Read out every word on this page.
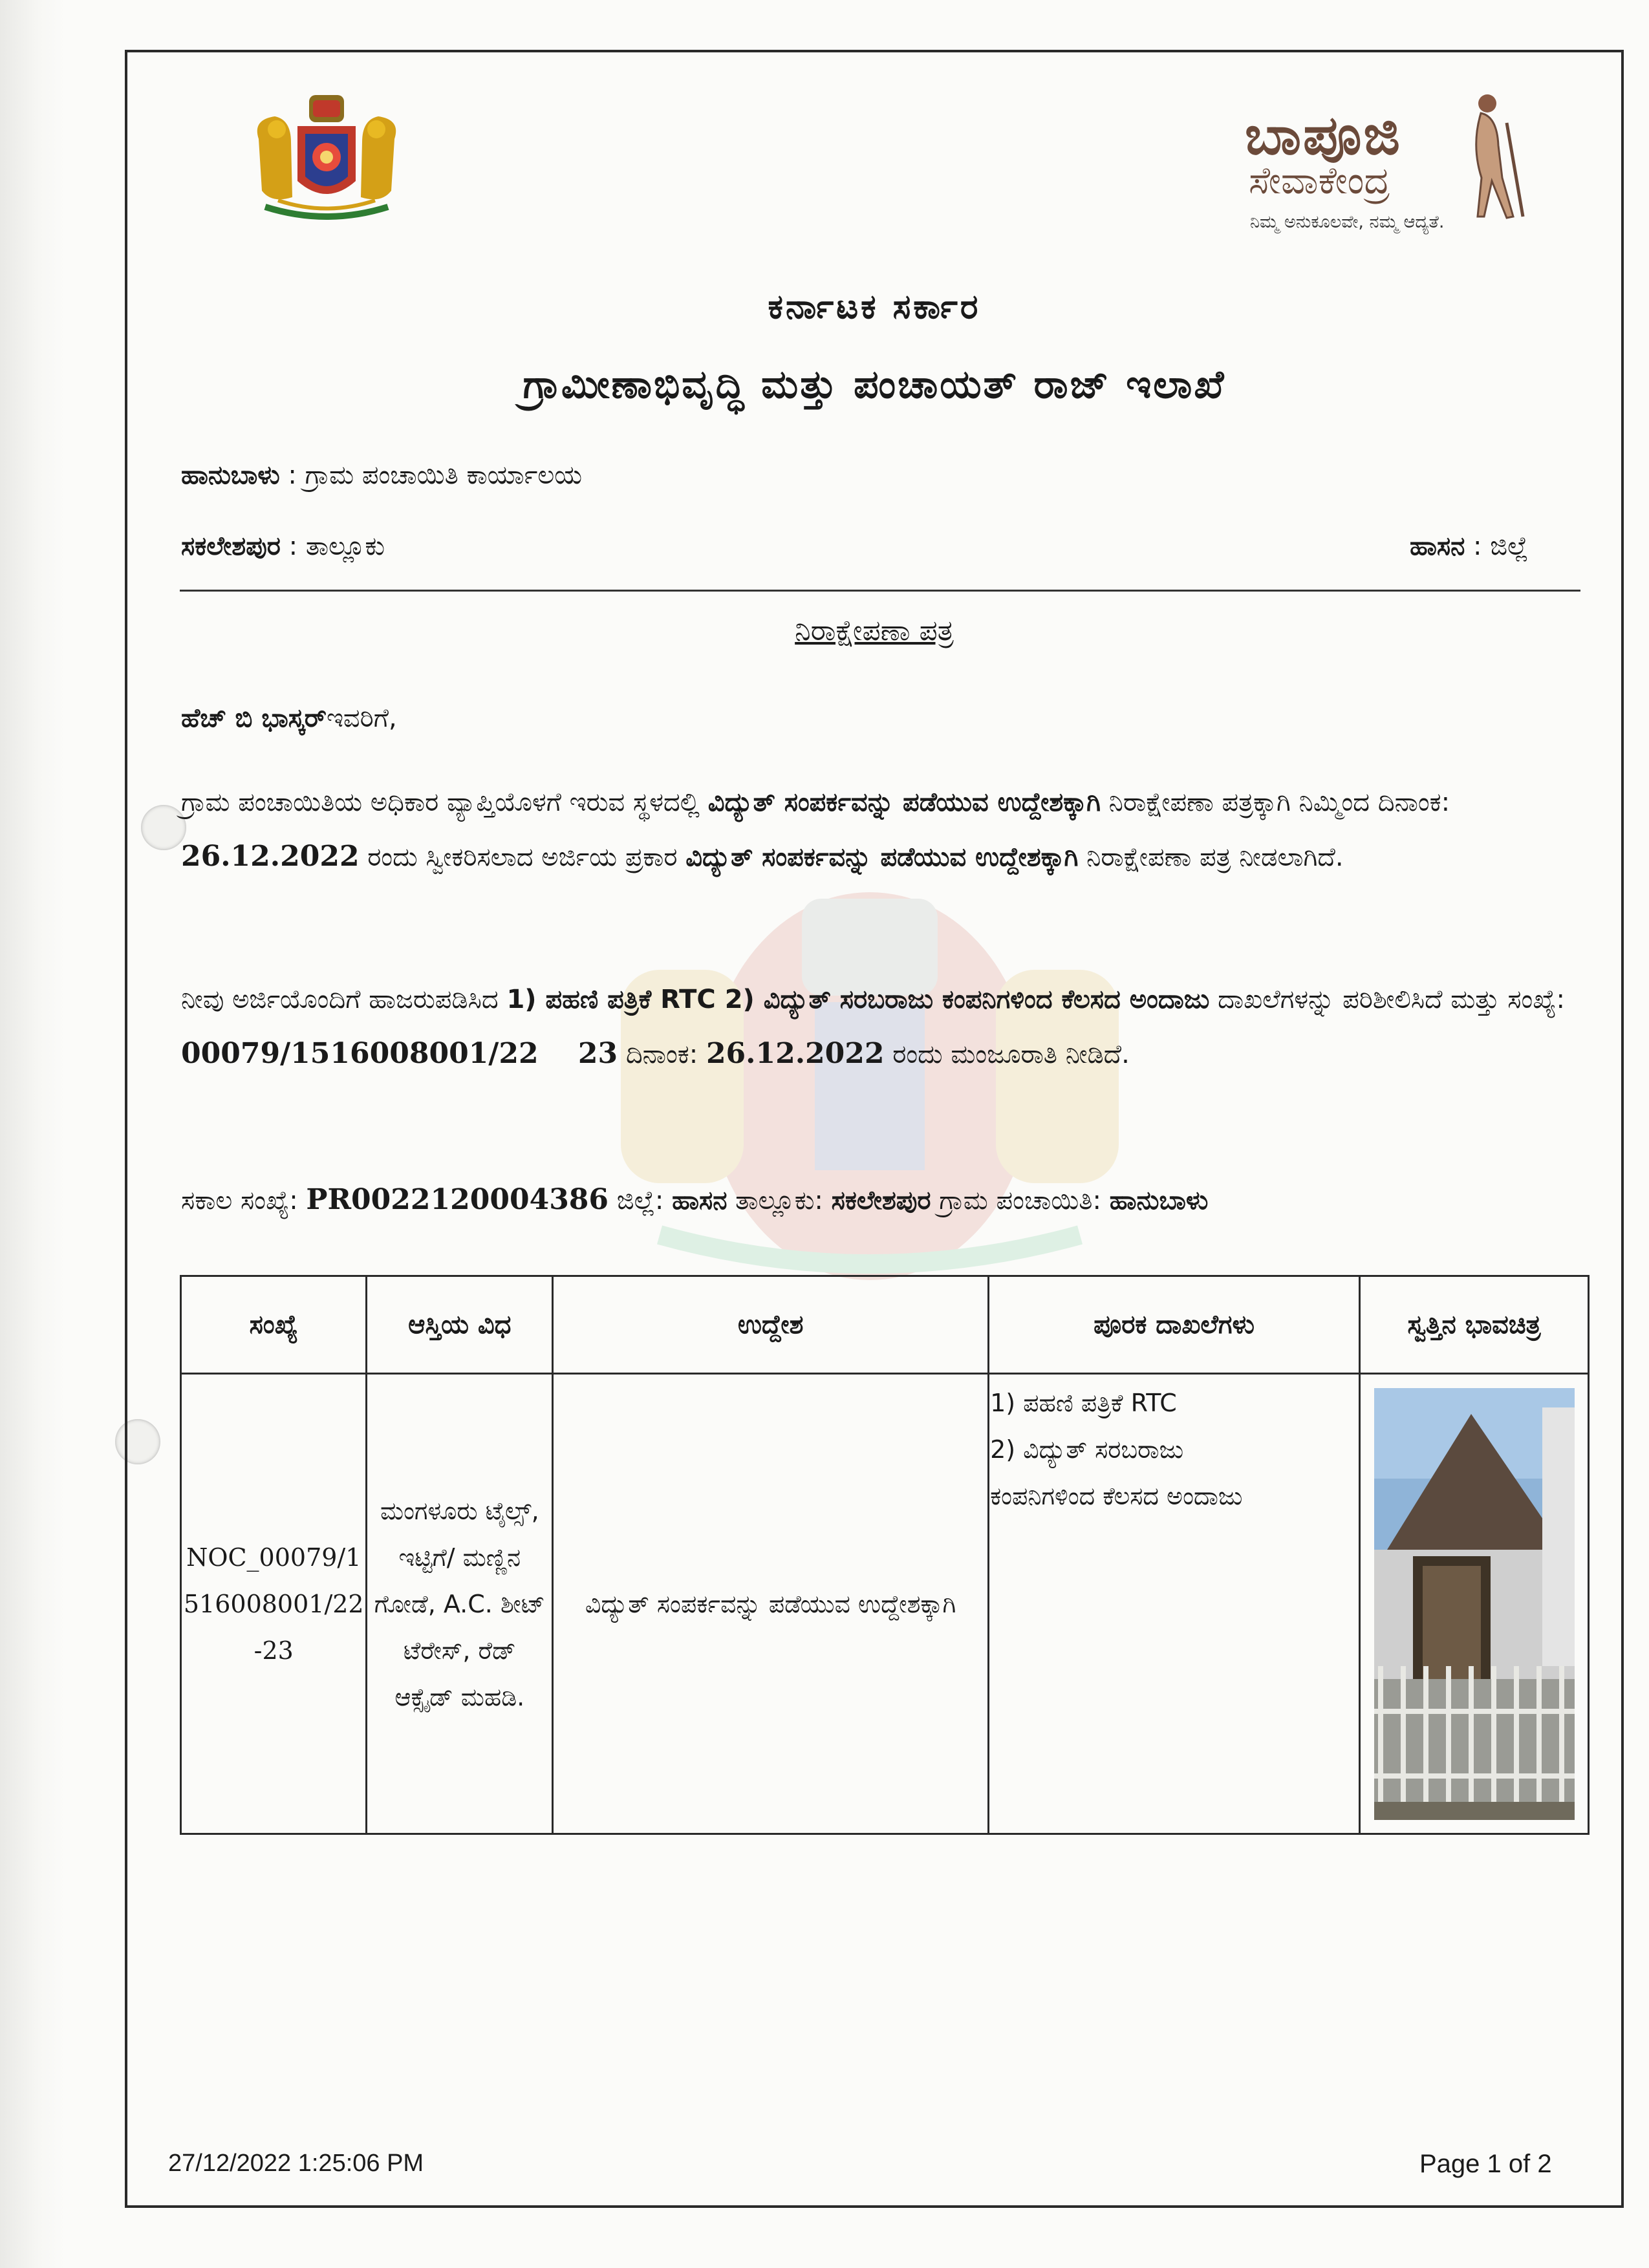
ಬಾಪೂಜಿ
ಸೇವಾಕೇಂದ್ರ
ನಿಮ್ಮ ಅನುಕೂಲವೇ, ನಮ್ಮ ಆದ್ಯತೆ.
ಕರ್ನಾಟಕ ಸರ್ಕಾರ
ಗ್ರಾಮೀಣಾಭಿವೃದ್ಧಿ ಮತ್ತು ಪಂಚಾಯತ್ ರಾಜ್ ಇಲಾಖೆ
ಹಾನುಬಾಳು : ಗ್ರಾಮ ಪಂಚಾಯಿತಿ ಕಾರ್ಯಾಲಯ
ಸಕಲೇಶಪುರ : ತಾಲ್ಲೂಕು	ಹಾಸನ : ಜಿಲ್ಲೆ
ನಿರಾಕ್ಷೇಪಣಾ ಪತ್ರ
ಹೆಚ್ ಬಿ ಭಾಸ್ಕರ್ಇವರಿಗೆ,
ಗ್ರಾಮ ಪಂಚಾಯಿತಿಯ ಅಧಿಕಾರ ವ್ಯಾಪ್ತಿಯೊಳಗೆ ಇರುವ ಸ್ಥಳದಲ್ಲಿ ವಿದ್ಯುತ್ ಸಂಪರ್ಕವನ್ನು ಪಡೆಯುವ ಉದ್ದೇಶಕ್ಕಾಗಿ ನಿರಾಕ್ಷೇಪಣಾ ಪತ್ರಕ್ಕಾಗಿ ನಿಮ್ಮಿಂದ ದಿನಾಂಕ: 26.12.2022 ರಂದು ಸ್ವೀಕರಿಸಲಾದ ಅರ್ಜಿಯ ಪ್ರಕಾರ ವಿದ್ಯುತ್ ಸಂಪರ್ಕವನ್ನು ಪಡೆಯುವ ಉದ್ದೇಶಕ್ಕಾಗಿ ನಿರಾಕ್ಷೇಪಣಾ ಪತ್ರ ನೀಡಲಾಗಿದೆ.
ನೀವು ಅರ್ಜಿಯೊಂದಿಗೆ ಹಾಜರುಪಡಿಸಿದ 1) ಪಹಣಿ ಪತ್ರಿಕೆ RTC 2) ವಿದ್ಯುತ್ ಸರಬರಾಜು ಕಂಪನಿಗಳಿಂದ ಕೆಲಸದ ಅಂದಾಜು ದಾಖಲೆಗಳನ್ನು ಪರಿಶೀಲಿಸಿದೆ ಮತ್ತು ಸಂಖ್ಯೆ: 00079/1516008001/22    23 ದಿನಾಂಕ: 26.12.2022 ರಂದು ಮಂಜೂರಾತಿ ನೀಡಿದೆ.
ಸಕಾಲ ಸಂಖ್ಯೆ: PR0022120004386 ಜಿಲ್ಲೆ: ಹಾಸನ ತಾಲ್ಲೂಕು: ಸಕಲೇಶಪುರ ಗ್ರಾಮ ಪಂಚಾಯಿತಿ: ಹಾನುಬಾಳು
ಸಂಖ್ಯೆ	ಆಸ್ತಿಯ ವಿಧ	ಉದ್ದೇಶ	ಪೂರಕ ದಾಖಲೆಗಳು	ಸ್ವತ್ತಿನ ಭಾವಚಿತ್ರ
NOC_00079/1516008001/22-23	ಮಂಗಳೂರು ಟೈಲ್ಸ್, ಇಟ್ಟಿಗೆ/ ಮಣ್ಣಿನ ಗೋಡೆ, A.C. ಶೀಟ್ ಟೆರೇಸ್, ರೆಡ್ ಆಕ್ಸೈಡ್ ಮಹಡಿ.	ವಿದ್ಯುತ್ ಸಂಪರ್ಕವನ್ನು ಪಡೆಯುವ ಉದ್ದೇಶಕ್ಕಾಗಿ	1) ಪಹಣಿ ಪತ್ರಿಕೆ RTC
2) ವಿದ್ಯುತ್ ಸರಬರಾಜು
ಕಂಪನಿಗಳಿಂದ ಕೆಲಸದ ಅಂದಾಜು

27/12/2022 1:25:06 PM	Page 1 of 2
